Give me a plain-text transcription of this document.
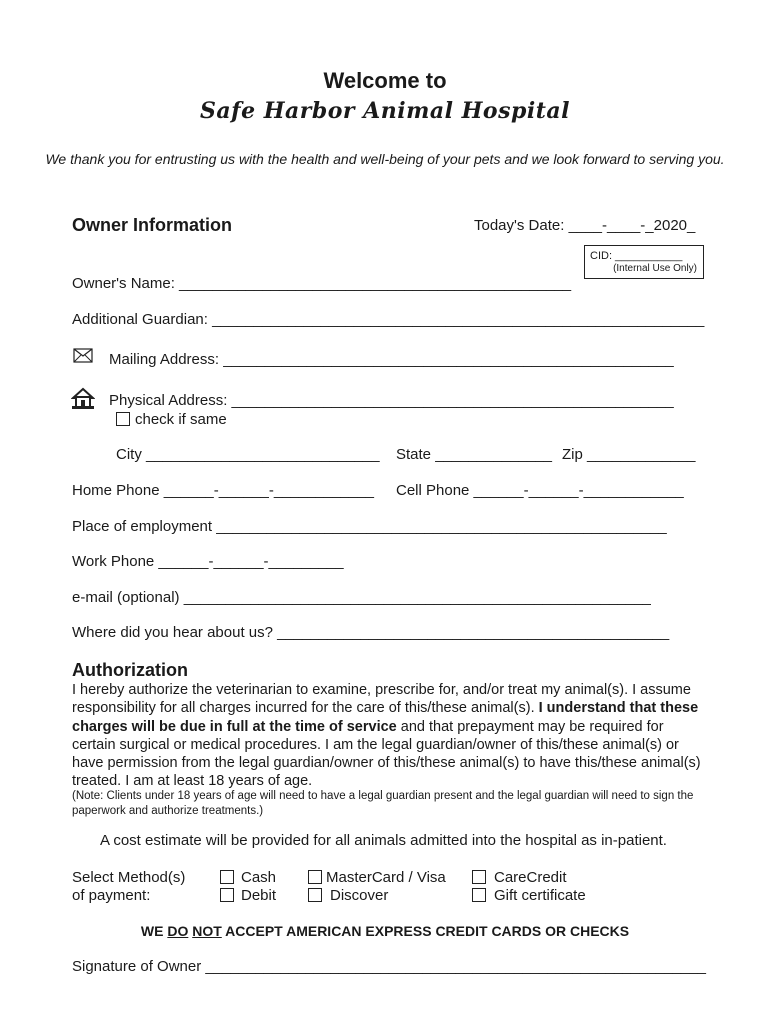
Welcome to
Safe Harbor Animal Hospital
We thank you for entrusting us with the health and well-being of your pets and we look forward to serving you.
Owner Information	Today's Date: ____-____-_2020_
CID: ___________
(Internal Use Only)
Owner's Name: _______________________________________________
Additional Guardian: ___________________________________________________________
Mailing Address: ______________________________________________________
Physical Address: _____________________________________________________
check if same
City ____________________________ State ______________ Zip _____________
Home Phone ______-______-____________ Cell Phone ______-______-____________
Place of employment ______________________________________________________
Work Phone ______-______-_________
e-mail (optional) ________________________________________________________
Where did you hear about us? _______________________________________________
Authorization
I hereby authorize the veterinarian to examine, prescribe for, and/or treat my animal(s). I assume responsibility for all charges incurred for the care of this/these animal(s). I understand that these charges will be due in full at the time of service and that prepayment may be required for certain surgical or medical procedures. I am the legal guardian/owner of this/these animal(s) or have permission from the legal guardian/owner of this/these animal(s) to have this/these animal(s) treated. I am at least 18 years of age.
(Note: Clients under 18 years of age will need to have a legal guardian present and the legal guardian will need to sign the paperwork and authorize treatments.)
A cost estimate will be provided for all animals admitted into the hospital as in-patient.
Select Method(s)
of payment:
Cash
Debit
MasterCard / Visa
Discover
CareCredit
Gift certificate
WE DO NOT ACCEPT AMERICAN EXPRESS CREDIT CARDS OR CHECKS
Signature of Owner ____________________________________________________________
